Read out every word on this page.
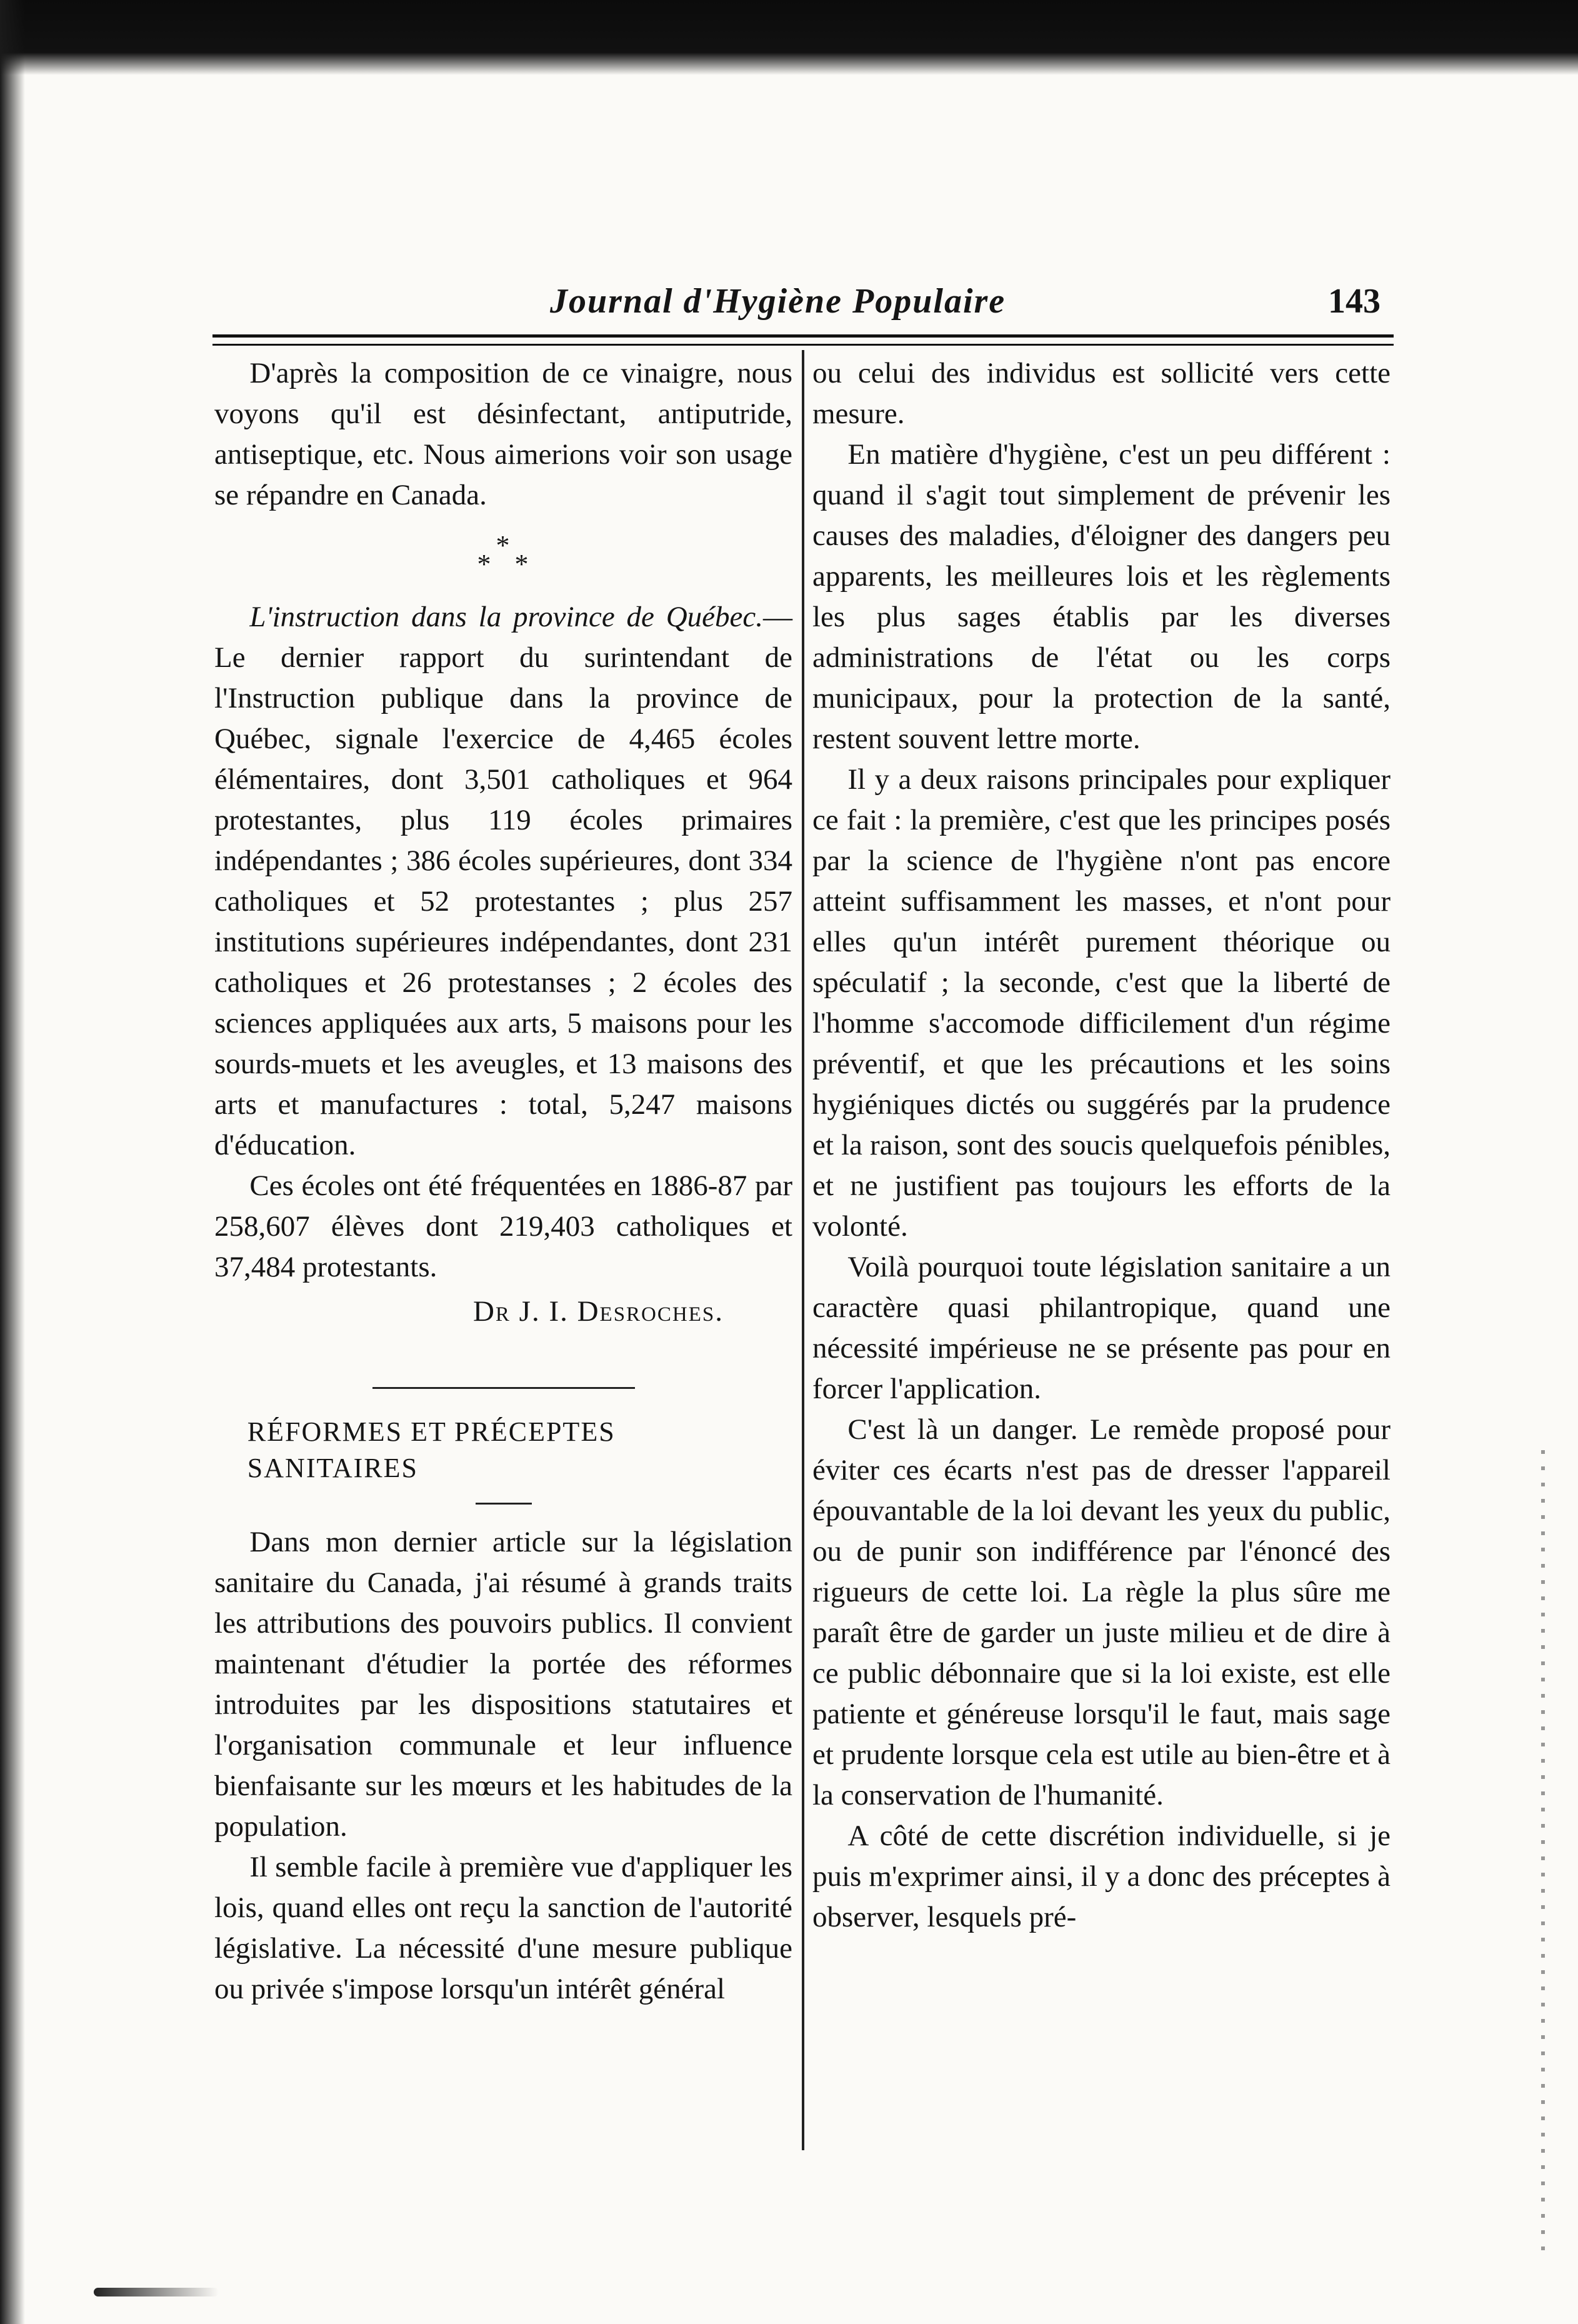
Journal d'Hygiène Populaire	143

D'après la composition de ce vinaigre, nous voyons qu'il est désinfectant, antiputride, antiseptique, etc. Nous aimerions voir son usage se répandre en Canada.

*
* *

L'instruction dans la province de Québec.—Le dernier rapport du surintendant de l'Instruction publique dans la province de Québec, signale l'exercice de 4,465 écoles élémentaires, dont 3,501 catholiques et 964 protestantes, plus 119 écoles primaires indépendantes ; 386 écoles supérieures, dont 334 catholiques et 52 protestantes ; plus 257 institutions supérieures indépendantes, dont 231 catholiques et 26 protestanses ; 2 écoles des sciences appliquées aux arts, 5 maisons pour les sourds-muets et les aveugles, et 13 maisons des arts et manufactures : total, 5,247 maisons d'éducation.

Ces écoles ont été fréquentées en 1886-87 par 258,607 élèves dont 219,403 catholiques et 37,484 protestants.

Dr J. I. Desroches.

RÉFORMES ET PRÉCEPTES

SANITAIRES

Dans mon dernier article sur la législation sanitaire du Canada, j'ai résumé à grands traits les attributions des pouvoirs publics. Il convient maintenant d'étudier la portée des réformes introduites par les dispositions statutaires et l'organisation communale et leur influence bienfaisante sur les mœurs et les habitudes de la population.

Il semble facile à première vue d'appliquer les lois, quand elles ont reçu la sanction de l'autorité législative. La nécessité d'une mesure publique ou privée s'impose lorsqu'un intérêt général

ou celui des individus est sollicité vers cette mesure.

En matière d'hygiène, c'est un peu différent : quand il s'agit tout simplement de prévenir les causes des maladies, d'éloigner des dangers peu apparents, les meilleures lois et les règlements les plus sages établis par les diverses administrations de l'état ou les corps municipaux, pour la protection de la santé, restent souvent lettre morte.

Il y a deux raisons principales pour expliquer ce fait : la première, c'est que les principes posés par la science de l'hygiène n'ont pas encore atteint suffisamment les masses, et n'ont pour elles qu'un intérêt purement théorique ou spéculatif ; la seconde, c'est que la liberté de l'homme s'accomode difficilement d'un régime préventif, et que les précautions et les soins hygiéniques dictés ou suggérés par la prudence et la raison, sont des soucis quelquefois pénibles, et ne justifient pas toujours les efforts de la volonté.

Voilà pourquoi toute législation sanitaire a un caractère quasi philantropique, quand une nécessité impérieuse ne se présente pas pour en forcer l'application.

C'est là un danger. Le remède proposé pour éviter ces écarts n'est pas de dresser l'appareil épouvantable de la loi devant les yeux du public, ou de punir son indifférence par l'énoncé des rigueurs de cette loi. La règle la plus sûre me paraît être de garder un juste milieu et de dire à ce public débonnaire que si la loi existe, est elle patiente et généreuse lorsqu'il le faut, mais sage et prudente lorsque cela est utile au bien-être et à la conservation de l'humanité.

A côté de cette discrétion individuelle, si je puis m'exprimer ainsi, il y a donc des préceptes à observer, lesquels pré-
